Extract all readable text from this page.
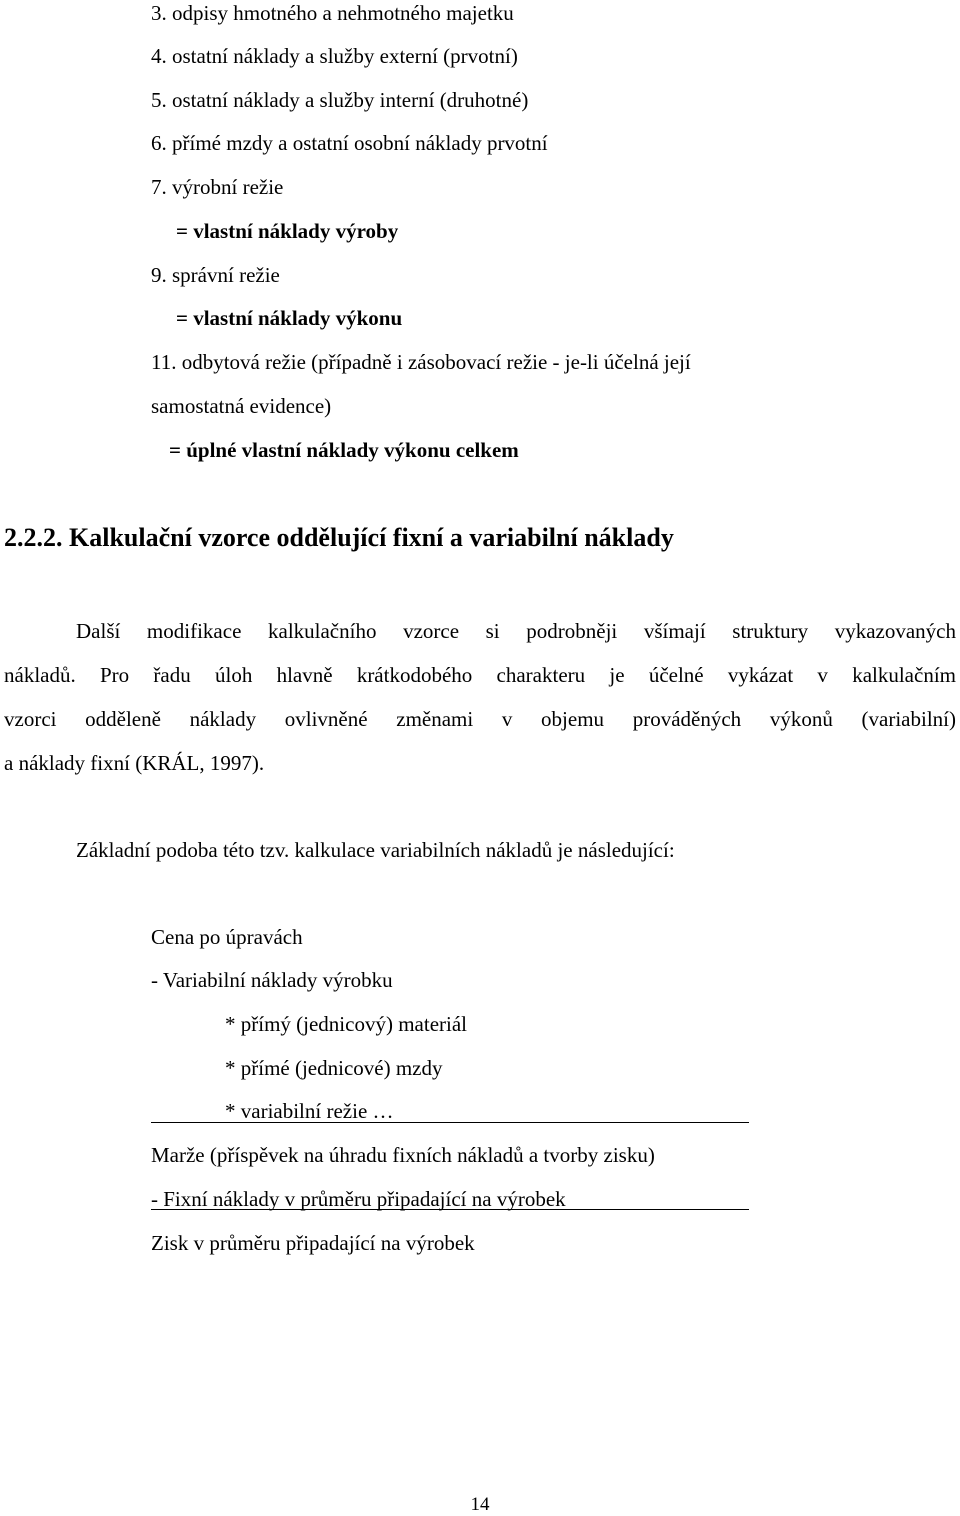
3. odpisy hmotného a nehmotného majetku
4. ostatní náklady a služby externí (prvotní)
5. ostatní náklady a služby interní (druhotné)
6. přímé mzdy a ostatní osobní náklady prvotní
7. výrobní režie
= vlastní náklady výroby
9. správní režie
= vlastní náklady výkonu
11. odbytová režie (případně i zásobovací režie - je-li účelná její
samostatná evidence)
= úplné vlastní náklady výkonu celkem
2.2.2. Kalkulační vzorce oddělující fixní a variabilní náklady
Další modifikace kalkulačního vzorce si podrobněji všímají struktury vykazovaných
nákladů. Pro řadu úloh hlavně krátkodobého charakteru je účelné vykázat v kalkulačním
vzorci odděleně náklady ovlivněné změnami v objemu prováděných výkonů (variabilní)
a náklady fixní (KRÁL, 1997).
Základní podoba této tzv. kalkulace variabilních nákladů je následující:
Cena po úpravách
- Variabilní náklady výrobku
* přímý (jednicový) materiál
* přímé (jednicové) mzdy
* variabilní režie …
Marže (příspěvek na úhradu fixních nákladů a tvorby zisku)
- Fixní náklady v průměru připadající na výrobek
Zisk v průměru připadající na výrobek
14
